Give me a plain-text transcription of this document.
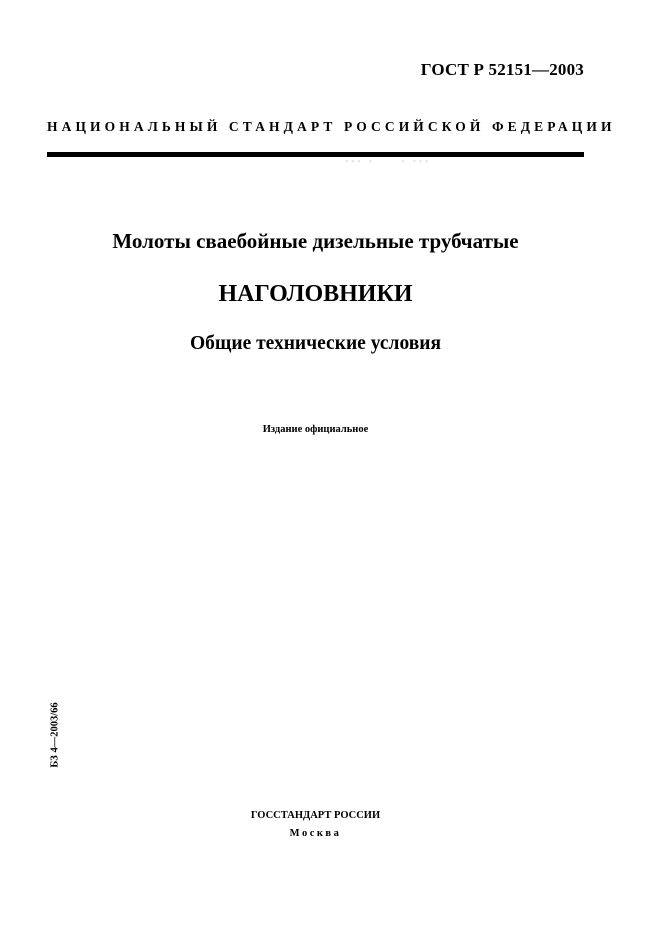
ГОСТ Р 52151—2003
НАЦИОНАЛЬНЫЙ СТАНДАРТ РОССИЙСКОЙ ФЕДЕРАЦИИ
▪▪▪ ▪     ▪ ▪▪▪
Молоты сваебойные дизельные трубчатые
НАГОЛОВНИКИ
Общие технические условия
Издание официальное
БЗ 4—2003/66
ГОССТАНДАРТ РОССИИ
Москва
